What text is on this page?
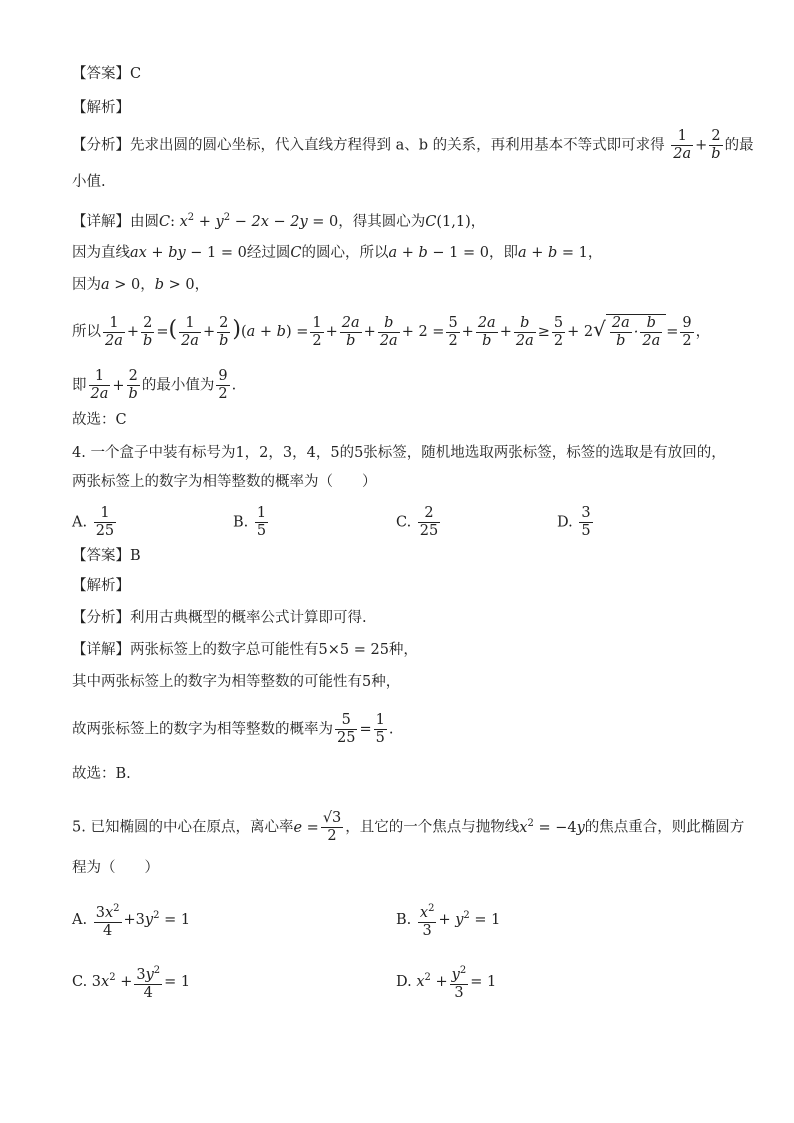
【答案】C
【解析】
【分析】先求出圆的圆心坐标，代入直线方程得到 a、b 的关系，再利用基本不等式即可求得 $\frac{1}{2a} + \frac{2}{b}$ 的最
小值.
【详解】由圆C: $x^2 + y^2 - 2x - 2y = 0$，得其圆心为C(1,1)，
因为直线ax + by − 1 = 0经过圆C的圆心，所以a + b − 1 = 0，即a + b = 1，
因为a > 0，b > 0，
所以 $\frac{1}{2a} + \frac{2}{b}$ =( $\frac{1}{2a} + \frac{2}{b} )(a + b) = \frac{1}{2} + \frac{2a}{b} + \frac{b}{2a} + 2 = \frac{5}{2} + \frac{2a}{b} + \frac{b}{2a} \ge \frac{5}{2} + 2√ \frac{2a}{b} \cdot \frac{b}{2a} = \frac{9}{2}$ ，
即 $\frac{1}{2a} + \frac{2}{b}$ 的最小值为 $\frac{9}{2}$ .
故选：C
4. 一个盒子中装有标号为1，2，3，4，5的5张标签，随机地选取两张标签，标签的选取是有放回的，
两张标签上的数字为相等整数的概率为（　　）
A. $\frac{1}{25}$	B. $\frac{1}{5}$	C. $\frac{2}{25}$	D. $\frac{3}{5}$
【答案】B
【解析】
【分析】利用古典概型的概率公式计算即可得.
【详解】两张标签上的数字总可能性有5×5 = 25种，
其中两张标签上的数字为相等整数的可能性有5种，
故两张标签上的数字为相等整数的概率为 $\frac{5}{25} = \frac{1}{5}$ .
故选：B.
5. 已知椭圆的中心在原点，离心率$e = \frac{√3}{2}$ ，且它的一个焦点与抛物线$x^2 = -4y$的焦点重合，则此椭圆方
程为（　　）
A. $\frac{3x^2}{4} +3y^2 = 1$	B. $\frac{x^2}{3} + y^2 = 1$
C. $3x^2 + \frac{3y^2}{4} = 1$	D. $x^2 + \frac{y^2}{3} = 1$
